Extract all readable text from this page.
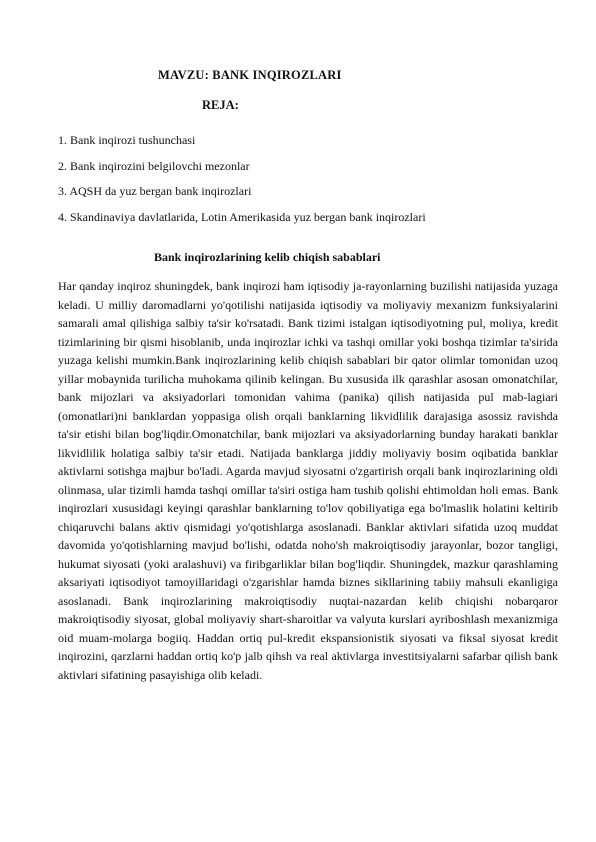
MAVZU: BANK INQIROZLARI
REJA:
1. Bank inqirozi tushunchasi
2. Bank inqirozini belgilovchi mezonlar
3. AQSH da yuz bergan bank inqirozlari
4. Skandinaviya davlatlarida, Lotin Amerikasida yuz bergan bank inqirozlari
Bank inqirozlarining kelib chiqish sabablari

Har qanday inqiroz shuningdek, bank inqirozi ham iqtisodiy ja-rayonlarning buzilishi natijasida yuzaga keladi. U milliy daromadlarni yo'qotilishi natijasida iqtisodiy va moliyaviy mexanizm funksiyalarini samarali amal qilishiga salbiy ta'sir ko'rsatadi. Bank tizimi istalgan iqtisodiyotning pul, moliya, kredit tizimlarining bir qismi hisoblanib, unda inqirozlar ichki va tashqi omillar yoki boshqa tizimlar ta'sirida yuzaga kelishi mumkin.Bank inqirozlarining kelib chiqish sabablari bir qator olimlar tomonidan uzoq yillar mobaynida turilicha muhokama qilinib kelingan. Bu xususida ilk qarashlar asosan omonatchilar, bank mijozlari va aksiyadorlari tomonidan vahima (panika) qilish natijasida pul mab-lagiari (omonatlari)ni banklardan yoppasiga olish orqali banklarning likvidlilik darajasiga asossiz ravishda ta'sir etishi bilan bog'liqdir.Omonatchilar, bank mijozlari va aksiyadorlarning bunday harakati banklar likvidlilik holatiga salbiy ta'sir etadi. Natijada banklarga jiddiy moliyaviy bosim oqibatida banklar aktivlarni sotishga majbur bo'ladi. Agarda mavjud siyosatni o'zgartirish orqali bank inqirozlarining oldi olinmasa, ular tizimli hamda tashqi omillar ta'siri ostiga ham tushib qolishi ehtimoldan holi emas. Bank inqirozlari xususidagi keyingi qarashlar banklarning to'lov qobiliyatiga ega bo'lmaslik holatini keltirib chiqaruvchi balans aktiv qismidagi yo'qotishlarga asoslanadi. Banklar aktivlari sifatida uzoq muddat davomida yo'qotishlarning mavjud bo'lishi, odatda noho'sh makroiqtisodiy jarayonlar, bozor tangligi, hukumat siyosati (yoki aralashuvi) va firibgarliklar bilan bog'liqdir. Shuningdek, mazkur qarashlaming aksariyati iqtisodiyot tamoyillaridagi o'zgarishlar hamda biznes sikllarining tabiiy mahsuli ekanligiga asoslanadi. Bank inqirozlarining makroiqtisodiy nuqtai-nazardan kelib chiqishi nobarqaror makroiqtisodiy siyosat, global moliyaviy shart-sharoitlar va valyuta kurslari ayriboshlash mexanizmiga oid muam-molarga bogiiq. Haddan ortiq pul-kredit ekspansionistik siyosati va fiksal siyosat kredit inqirozini, qarzlarni haddan ortiq ko'p jalb qihsh va real aktivlarga investitsiyalarni safarbar qilish bank aktivlari sifatining pasayishiga olib keladi.
